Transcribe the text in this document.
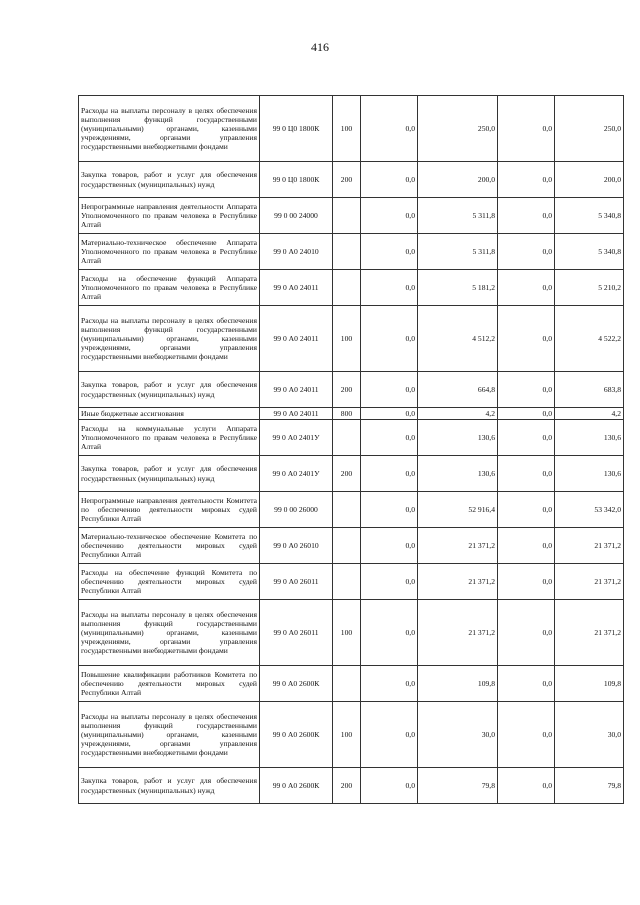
416
Расходы на выплаты персоналу в целях обеспечения выполнения функций государственными (муниципальными) органами, казенными учреждениями, органами управления государственными внебюджетными фондами	99 0 Ц0 1800К	100	0,0	250,0	0,0	250,0
Закупка товаров, работ и услуг для обеспечения государственных (муниципальных) нужд	99 0 Ц0 1800К	200	0,0	200,0	0,0	200,0
Непрограммные направления деятельности Аппарата Уполномоченного по правам человека в Республике Алтай	99 0 00 24000		0,0	5 311,8	0,0	5 340,8
Материально-техническое обеспечение Аппарата Уполномоченного по правам человека в Республике Алтай	99 0 А0 24010		0,0	5 311,8	0,0	5 340,8
Расходы на обеспечение функций Аппарата Уполномоченного по правам человека в Республике Алтай	99 0 А0 24011		0,0	5 181,2	0,0	5 210,2
Расходы на выплаты персоналу в целях обеспечения выполнения функций государственными (муниципальными) органами, казенными учреждениями, органами управления государственными внебюджетными фондами	99 0 А0 24011	100	0,0	4 512,2	0,0	4 522,2
Закупка товаров, работ и услуг для обеспечения государственных (муниципальных) нужд	99 0 А0 24011	200	0,0	664,8	0,0	683,8
Иные бюджетные ассигнования	99 0 А0 24011	800	0,0	4,2	0,0	4,2
Расходы на коммунальные услуги Аппарата Уполномоченного по правам человека в Республике Алтай	99 0 А0 2401У		0,0	130,6	0,0	130,6
Закупка товаров, работ и услуг для обеспечения государственных (муниципальных) нужд	99 0 А0 2401У	200	0,0	130,6	0,0	130,6
Непрограммные направления деятельности Комитета по обеспечению деятельности мировых судей Республики Алтай	99 0 00 26000		0,0	52 916,4	0,0	53 342,0
Материально-техническое обеспечение Комитета по обеспечению деятельности мировых судей Республики Алтай	99 0 А0 26010		0,0	21 371,2	0,0	21 371,2
Расходы на обеспечение функций Комитета по обеспечению деятельности мировых судей Республики Алтай	99 0 А0 26011		0,0	21 371,2	0,0	21 371,2
Расходы на выплаты персоналу в целях обеспечения выполнения функций государственными (муниципальными) органами, казенными учреждениями, органами управления государственными внебюджетными фондами	99 0 А0 26011	100	0,0	21 371,2	0,0	21 371,2
Повышение квалификации работников Комитета по обеспечению деятельности мировых судей Республики Алтай	99 0 А0 2600К		0,0	109,8	0,0	109,8
Расходы на выплаты персоналу в целях обеспечения выполнения функций государственными (муниципальными) органами, казенными учреждениями, органами управления государственными внебюджетными фондами	99 0 А0 2600К	100	0,0	30,0	0,0	30,0
Закупка товаров, работ и услуг для обеспечения государственных (муниципальных) нужд	99 0 А0 2600К	200	0,0	79,8	0,0	79,8
